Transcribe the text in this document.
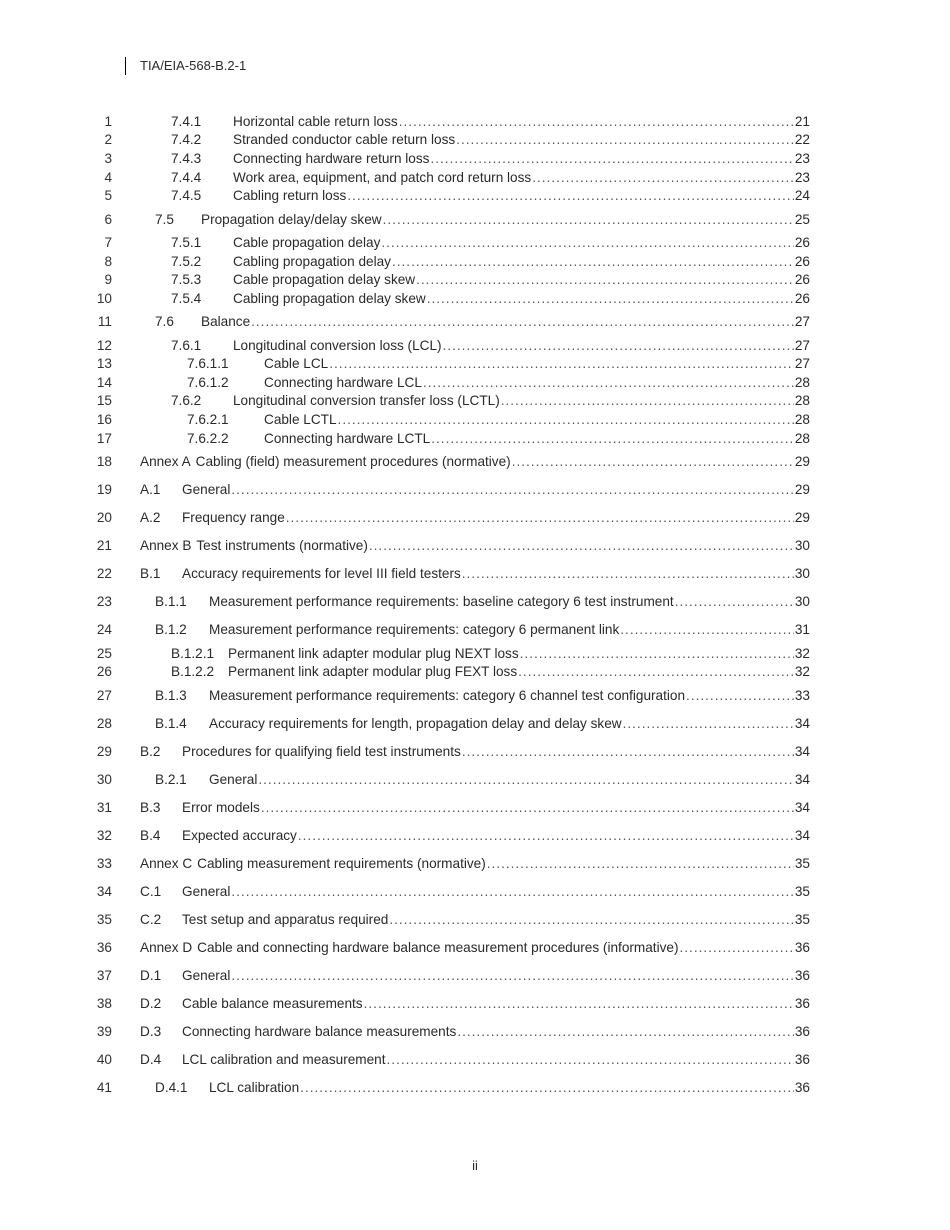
TIA/EIA-568-B.2-1
1	7.4.1	Horizontal cable return loss .....	21
2	7.4.2	Stranded conductor cable return loss .....	22
3	7.4.3	Connecting hardware return loss .....	23
4	7.4.4	Work area, equipment, and patch cord return loss .....	23
5	7.4.5	Cabling return loss .....	24
6	7.5	Propagation delay/delay skew .....	25
7	7.5.1	Cable propagation delay .....	26
8	7.5.2	Cabling propagation delay .....	26
9	7.5.3	Cable propagation delay skew .....	26
10	7.5.4	Cabling propagation delay skew .....	26
11	7.6	Balance .....	27
12	7.6.1	Longitudinal conversion loss (LCL) .....	27
13	7.6.1.1	Cable LCL .....	27
14	7.6.1.2	Connecting hardware LCL .....	28
15	7.6.2	Longitudinal conversion transfer loss (LCTL) .....	28
16	7.6.2.1	Cable LCTL .....	28
17	7.6.2.2	Connecting hardware LCTL .....	28
18 Annex A Cabling (field) measurement procedures (normative) .....	29
19 A.1	General .....	29
20 A.2	Frequency range .....	29
21 Annex B Test instruments (normative) .....	30
22 B.1	Accuracy requirements for level III field testers .....	30
23	B.1.1	Measurement performance requirements: baseline category 6 test instrument .....	30
24	B.1.2	Measurement performance requirements: category 6 permanent link .....	31
25	B.1.2.1	Permanent link adapter modular plug NEXT loss .....	32
26	B.1.2.2	Permanent link adapter modular plug FEXT loss .....	32
27	B.1.3	Measurement performance requirements: category 6 channel test configuration .....	33
28	B.1.4	Accuracy requirements for length, propagation delay and delay skew .....	34
29 B.2	Procedures for qualifying field test instruments .....	34
30	B.2.1	General .....	34
31 B.3	Error models .....	34
32 B.4	Expected accuracy .....	34
33 Annex C Cabling measurement requirements (normative) .....	35
34 C.1	General .....	35
35 C.2	Test setup and apparatus required .....	35
36 Annex D Cable and connecting hardware balance measurement procedures (informative) .....	36
37 D.1	General .....	36
38 D.2	Cable balance measurements .....	36
39 D.3	Connecting hardware balance measurements .....	36
40 D.4	LCL calibration and measurement .....	36
41	D.4.1	LCL calibration .....	36
ii
